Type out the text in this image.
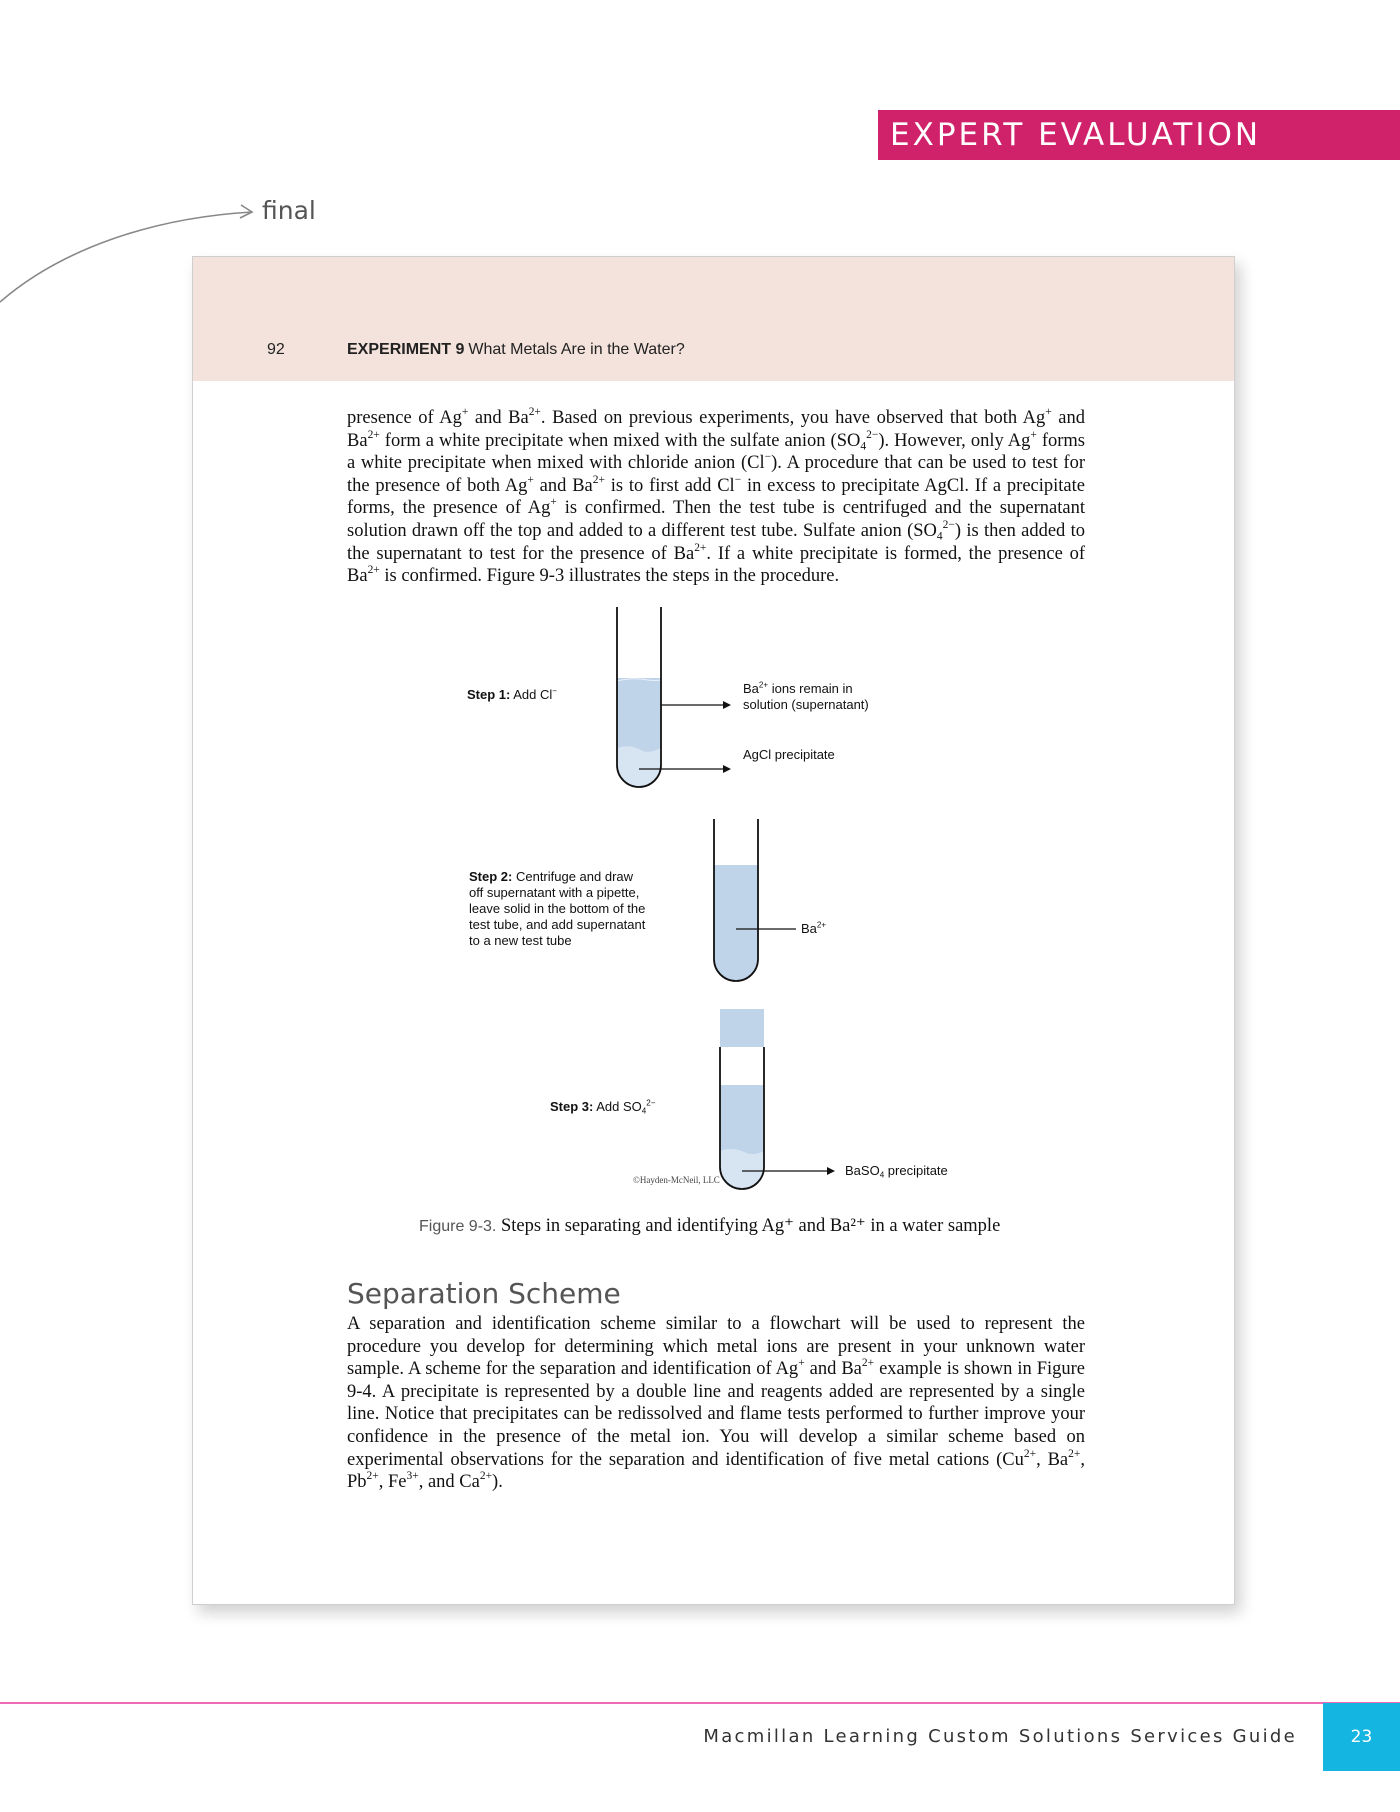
EXPERT EVALUATION
final
92	EXPERIMENT 9 What Metals Are in the Water?

presence of Ag+ and $Ba^{2+}$. Based on previous experiments, you have observed that both Ag+ and $Ba^{2+}$ form a white precipitate when mixed with the sulfate anion $(SO_4^{2-})$. However, only Ag+ forms a white precipitate when mixed with chloride anion (Cl−). A procedure that can be used to test for the presence of both Ag+ and $Ba^{2+}$ is to first add Cl− in excess to precipitate AgCl. If a precipitate forms, the presence of Ag+ is confirmed. Then the test tube is centrifuged and the supernatant solution drawn off the top and added to a different test tube. Sulfate anion $(SO_4^{2-})$ is then added to the supernatant to test for the presence of $Ba^{2+}$. If a white precipitate is formed, the presence of $Ba^{2+}$ is confirmed. Figure 9-3 illustrates the steps in the procedure.

Step 1: Add Cl−	$Ba^{2+}$ ions remain in
solution (supernatant)
AgCl precipitate
Step 2: Centrifuge and draw
off supernatant with a pipette,
leave solid in the bottom of the
test tube, and add supernatant
to a new test tube
$Ba^{2+}$
Step 3: Add $SO_4^{2-}$
BaSO$_4$ precipitate
©Hayden-McNeil, LLC
Figure 9-3. Steps in separating and identifying Ag⁺ and Ba²⁺ in a water sample
Separation Scheme

A separation and identification scheme similar to a flowchart will be used to represent the procedure you develop for determining which metal ions are present in your unknown water sample. A scheme for the separation and identification of Ag+ and $Ba^{2+}$ example is shown in Figure 9-4. A precipitate is represented by a double line and reagents added are represented by a single line. Notice that precipitates can be redissolved and flame tests performed to further improve your confidence in the presence of the metal ion. You will develop a similar scheme based on experimental observations for the separation and identification of five metal cations ($Cu^{2+}$, $Ba^{2+}$, $Pb^{2+}$, $Fe^{3+}$, and $Ca^{2+}$).

Macmillan Learning Custom Solutions Services Guide	23
